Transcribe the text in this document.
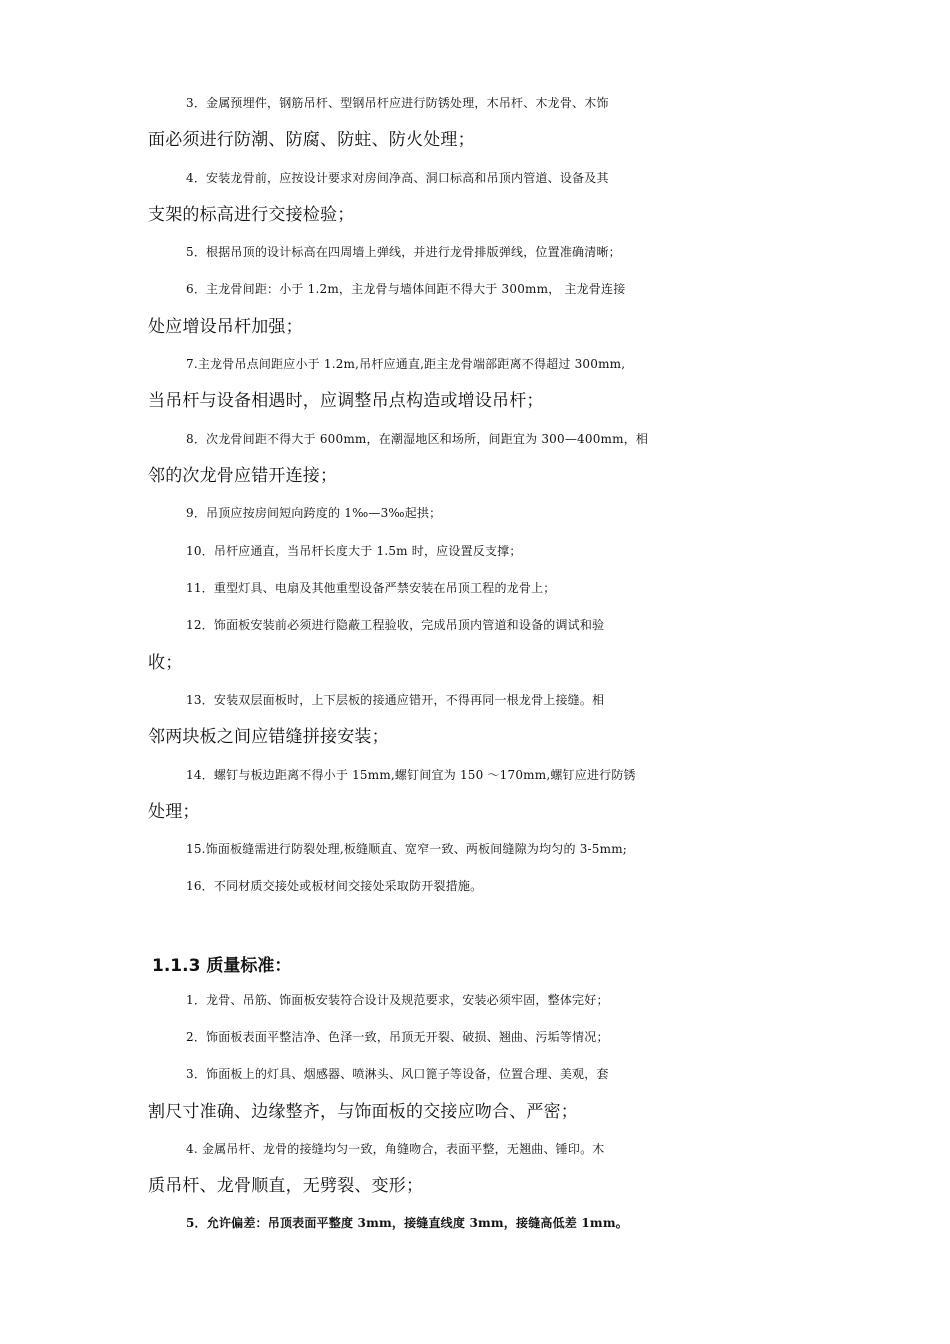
3．金属预埋件，钢筋吊杆、型钢吊杆应进行防锈处理，木吊杆、木龙骨、木饰
面必须进行防潮、防腐、防蛀、防火处理；
4．安装龙骨前，应按设计要求对房间净高、洞口标高和吊顶内管道、设备及其
支架的标高进行交接检验；
5．根据吊顶的设计标高在四周墙上弹线，并进行龙骨排版弹线，位置准确清晰；
6．主龙骨间距：小于 1.2m，主龙骨与墙体间距不得大于 300mm， 主龙骨连接
处应增设吊杆加强；
7.主龙骨吊点间距应小于 1.2m,吊杆应通直,距主龙骨端部距离不得超过 300mm,
当吊杆与设备相遇时，应调整吊点构造或增设吊杆；
8．次龙骨间距不得大于 600mm，在潮湿地区和场所，间距宜为 300—400mm，相
邻的次龙骨应错开连接；
9．吊顶应按房间短向跨度的 1‰—3‰起拱；
10．吊杆应通直，当吊杆长度大于 1.5m 时，应设置反支撑；
11．重型灯具、电扇及其他重型设备严禁安装在吊顶工程的龙骨上；
12．饰面板安装前必须进行隐蔽工程验收，完成吊顶内管道和设备的调试和验
收；
13．安装双层面板时，上下层板的接通应错开，不得再同一根龙骨上接缝。相
邻两块板之间应错缝拼接安装；
14．螺钉与板边距离不得小于 15mm,螺钉间宜为 150 ～170mm,螺钉应进行防锈
处理；
15.饰面板缝需进行防裂处理,板缝顺直、宽窄一致、两板间缝隙为均匀的 3-5mm;
16．不同材质交接处或板材间交接处采取防开裂措施。
1.1.3 质量标准：
1．龙骨、吊筋、饰面板安装符合设计及规范要求，安装必须牢固，整体完好；
2．饰面板表面平整洁净、色泽一致，吊顶无开裂、破损、翘曲、污垢等情况；
3．饰面板上的灯具、烟感器、喷淋头、风口篦子等设备，位置合理、美观，套
割尺寸准确、边缘整齐，与饰面板的交接应吻合、严密；
4. 金属吊杆、龙骨的接缝均匀一致，角缝吻合，表面平整，无翘曲、锤印。木
质吊杆、龙骨顺直，无劈裂、变形；
5．允许偏差：吊顶表面平整度 3mm，接缝直线度 3mm，接缝高低差 1mm。
